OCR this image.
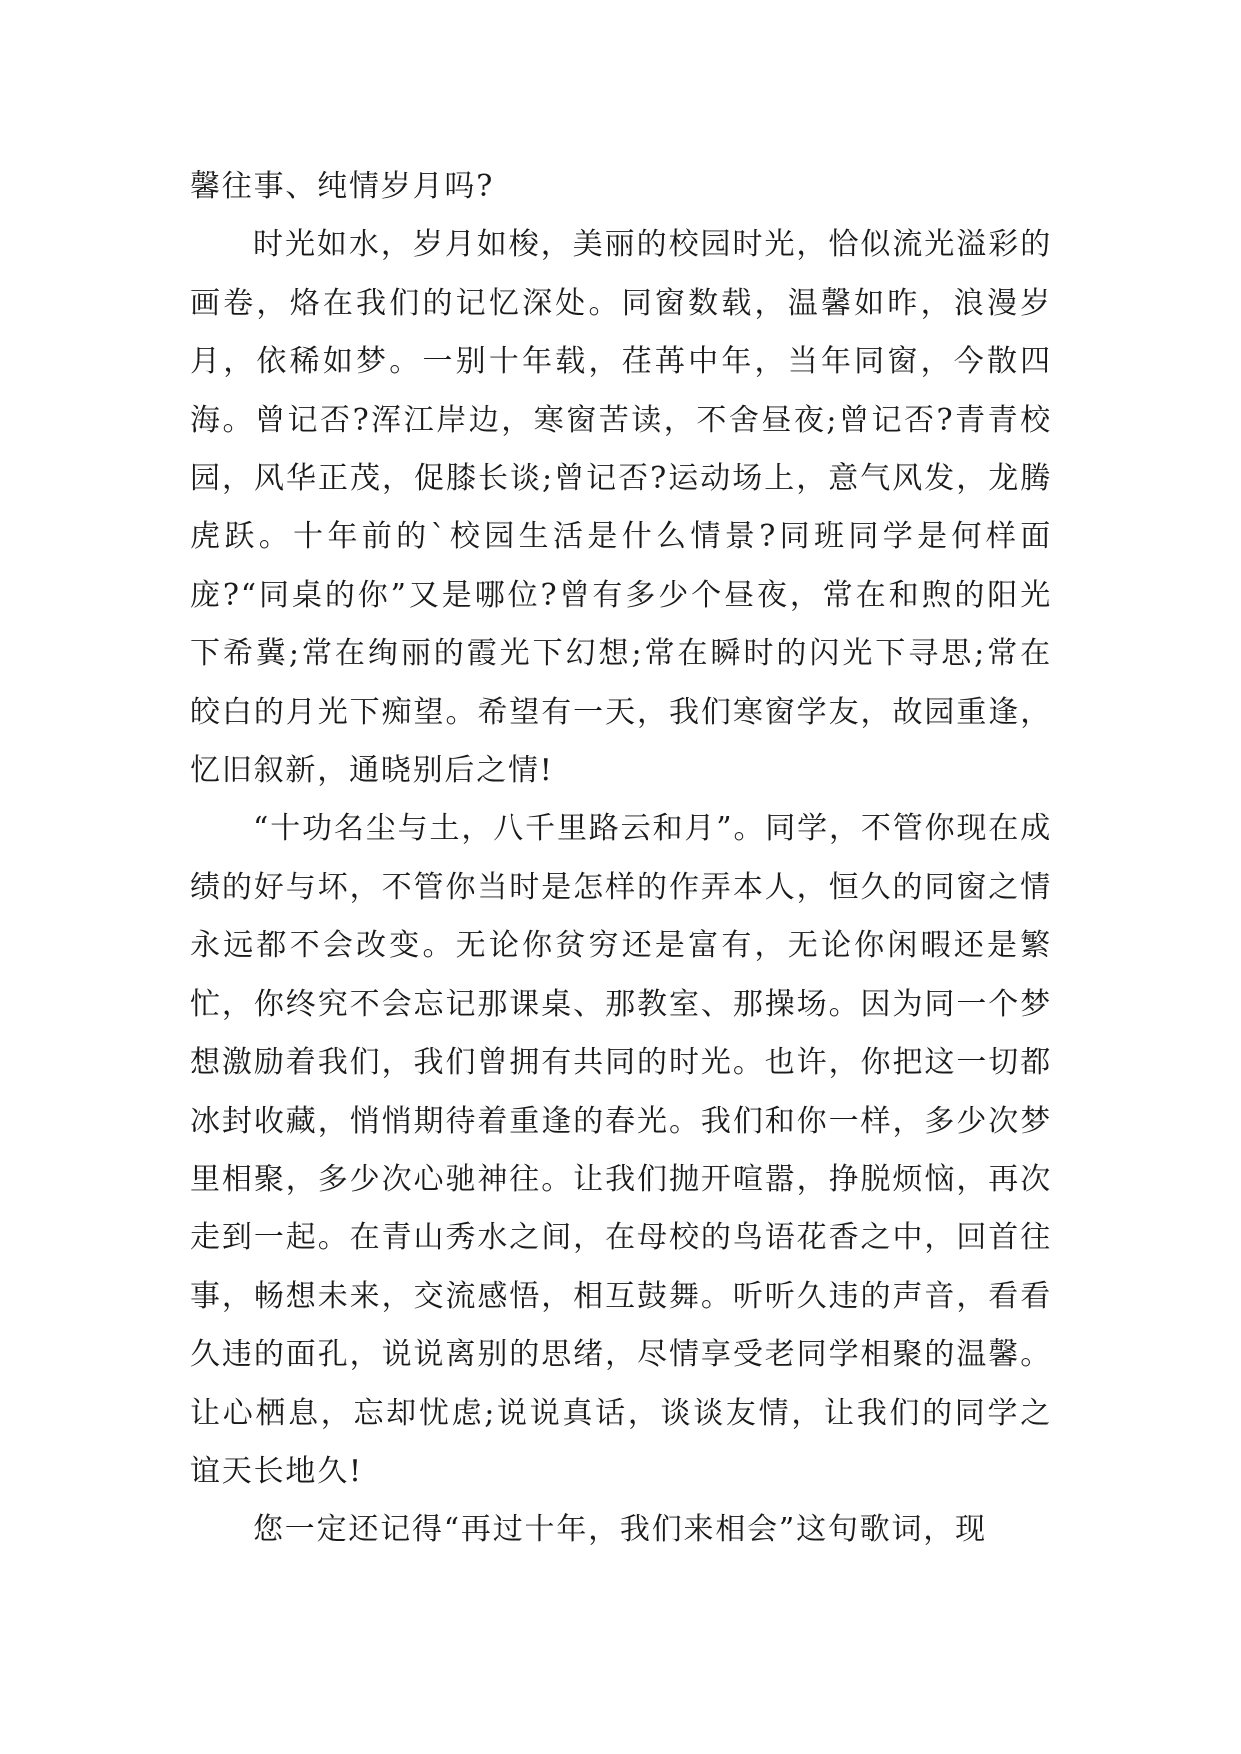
馨往事、纯情岁月吗?

时光如水，岁月如梭，美丽的校园时光，恰似流光溢彩的画卷，烙在我们的记忆深处。同窗数载，温馨如昨，浪漫岁月，依稀如梦。一别十年载，荏苒中年，当年同窗，今散四海。曾记否?浑江岸边，寒窗苦读，不舍昼夜;曾记否?青青校园，风华正茂，促膝长谈;曾记否?运动场上，意气风发，龙腾虎跃。十年前的`校园生活是什么情景?同班同学是何样面庞?“同桌的你”又是哪位?曾有多少个昼夜，常在和煦的阳光下希冀;常在绚丽的霞光下幻想;常在瞬时的闪光下寻思;常在皎白的月光下痴望。希望有一天，我们寒窗学友，故园重逢，忆旧叙新，通晓别后之情!

“十功名尘与土，八千里路云和月”。同学，不管你现在成绩的好与坏，不管你当时是怎样的作弄本人，恒久的同窗之情永远都不会改变。无论你贫穷还是富有，无论你闲暇还是繁忙，你终究不会忘记那课桌、那教室、那操场。因为同一个梦想激励着我们，我们曾拥有共同的时光。也许，你把这一切都冰封收藏，悄悄期待着重逢的春光。我们和你一样，多少次梦里相聚，多少次心驰神往。让我们抛开喧嚣，挣脱烦恼，再次走到一起。在青山秀水之间，在母校的鸟语花香之中，回首往事，畅想未来，交流感悟，相互鼓舞。听听久违的声音，看看久违的面孔，说说离别的思绪，尽情享受老同学相聚的温馨。让心栖息，忘却忧虑;说说真话，谈谈友情，让我们的同学之谊天长地久!

您一定还记得“再过十年，我们来相会”这句歌词，现
